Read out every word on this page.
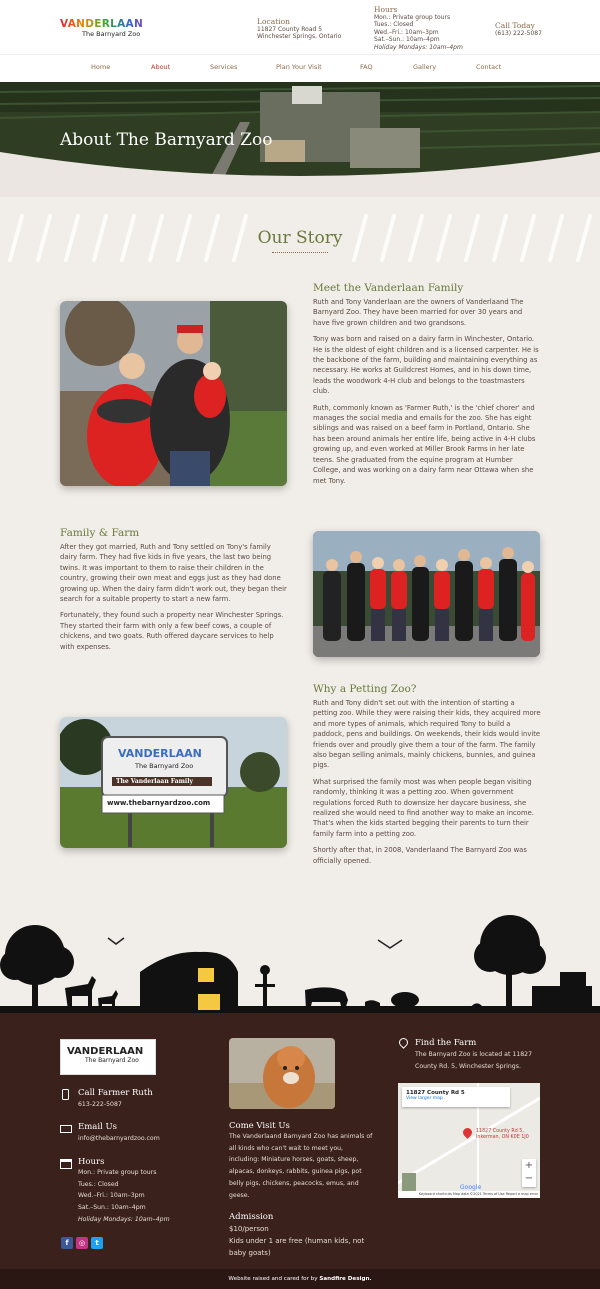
VANDERLAAN
The Barnyard Zoo
Location
11827 County Road 5
Winchester Springs, Ontario
Hours
Mon.: Private group tours
Tues.: Closed
Wed.–Fri.: 10am–3pm
Sat.–Sun.: 10am–4pm
Holiday Mondays: 10am–4pm
Call Today
(613) 222-5087
Home	About	Services	Plan Your Visit	FAQ	Gallery	Contact
About The Barnyard Zoo
Our Story
Meet the Vanderlaan Family

Ruth and Tony Vanderlaan are the owners of Vanderlaand The Barnyard Zoo. They have been married for over 30 years and have five grown children and two grandsons.

Tony was born and raised on a dairy farm in Winchester, Ontario. He is the oldest of eight children and is a licensed carpenter. He is the backbone of the farm, building and maintaining everything as necessary. He works at Guildcrest Homes, and in his down time, leads the woodwork 4-H club and belongs to the toastmasters club.

Ruth, commonly known as 'Farmer Ruth,' is the 'chief chorer' and manages the social media and emails for the zoo. She has eight siblings and was raised on a beef farm in Portland, Ontario. She has been around animals her entire life, being active in 4-H clubs growing up, and even worked at Miller Brook Farms in her late teens. She graduated from the equine program at Humber College, and was working on a dairy farm near Ottawa when she met Tony.

Family & Farm

After they got married, Ruth and Tony settled on Tony's family dairy farm. They had five kids in five years, the last two being twins. It was important to them to raise their children in the country, growing their own meat and eggs just as they had done growing up. When the dairy farm didn't work out, they began their search for a suitable property to start a new farm.

Fortunately, they found such a property near Winchester Springs. They started their farm with only a few beef cows, a couple of chickens, and two goats. Ruth offered daycare services to help with expenses.

Why a Petting Zoo?

Ruth and Tony didn't set out with the intention of starting a petting zoo. While they were raising their kids, they acquired more and more types of animals, which required Tony to build a paddock, pens and buildings. On weekends, their kids would invite friends over and proudly give them a tour of the farm. The family also began selling animals, mainly chickens, bunnies, and guinea pigs.

What surprised the family most was when people began visiting randomly, thinking it was a petting zoo. When government regulations forced Ruth to downsize her daycare business, she realized she would need to find another way to make an income. That's when the kids started begging their parents to turn their family farm into a petting zoo.

Shortly after that, in 2008, Vanderlaand The Barnyard Zoo was officially opened.

VANDERLAAN
The Barnyard Zoo
The Vanderlaan Family
www.thebarnyardzoo.com
VANDERLAAN
The Barnyard Zoo
Call Farmer Ruth
613-222-5087
Email Us
info@thebarnyardzoo.com
Hours
Mon.: Private group tours
Tues.: Closed
Wed.–Fri.: 10am–3pm
Sat.–Sun.: 10am–4pm
Holiday Mondays: 10am–4pm
f	◎	t
Come Visit Us
The Vanderlaand Barnyard Zoo has animals of all kinds who can't wait to meet you, including: Miniature horses, goats, sheep, alpacas, donkeys, rabbits, guinea pigs, pot belly pigs, chickens, peacocks, emus, and geese.
Admission
$10/person
Kids under 1 are free (human kids, not baby goats)
Find the Farm
The Barnyard Zoo is located at 11827 County Rd. 5, Winchester Springs.
11827 County Rd 5
View larger map
11827 County Rd 5,
Inkerman, ON K0E 1J0
+
−
Google
Keyboard shortcuts Map data ©2021 Terms of Use Report a map error
Website raised and cared for by Sandfire Design.
